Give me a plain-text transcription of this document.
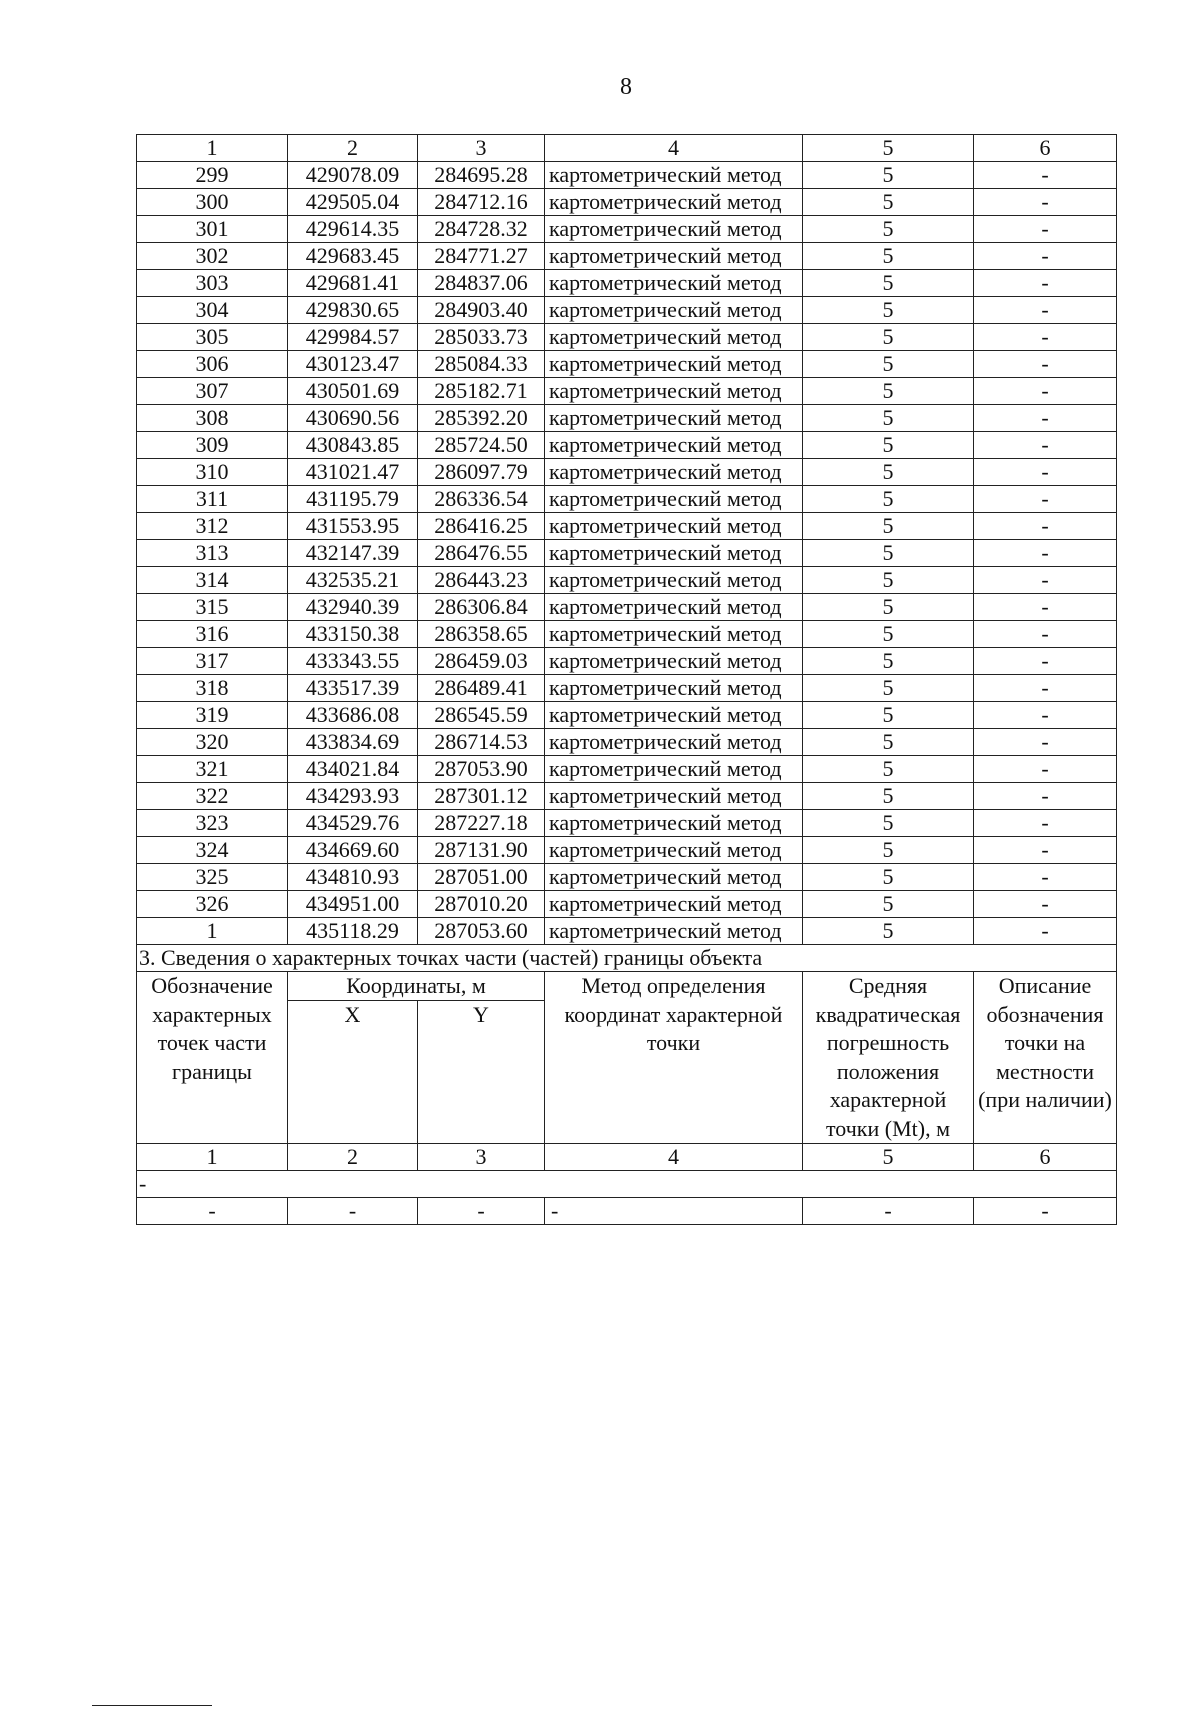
8
1	2	3	4	5	6
299	429078.09	284695.28	картометрический метод	5	-
300	429505.04	284712.16	картометрический метод	5	-
301	429614.35	284728.32	картометрический метод	5	-
302	429683.45	284771.27	картометрический метод	5	-
303	429681.41	284837.06	картометрический метод	5	-
304	429830.65	284903.40	картометрический метод	5	-
305	429984.57	285033.73	картометрический метод	5	-
306	430123.47	285084.33	картометрический метод	5	-
307	430501.69	285182.71	картометрический метод	5	-
308	430690.56	285392.20	картометрический метод	5	-
309	430843.85	285724.50	картометрический метод	5	-
310	431021.47	286097.79	картометрический метод	5	-
311	431195.79	286336.54	картометрический метод	5	-
312	431553.95	286416.25	картометрический метод	5	-
313	432147.39	286476.55	картометрический метод	5	-
314	432535.21	286443.23	картометрический метод	5	-
315	432940.39	286306.84	картометрический метод	5	-
316	433150.38	286358.65	картометрический метод	5	-
317	433343.55	286459.03	картометрический метод	5	-
318	433517.39	286489.41	картометрический метод	5	-
319	433686.08	286545.59	картометрический метод	5	-
320	433834.69	286714.53	картометрический метод	5	-
321	434021.84	287053.90	картометрический метод	5	-
322	434293.93	287301.12	картометрический метод	5	-
323	434529.76	287227.18	картометрический метод	5	-
324	434669.60	287131.90	картометрический метод	5	-
325	434810.93	287051.00	картометрический метод	5	-
326	434951.00	287010.20	картометрический метод	5	-
1	435118.29	287053.60	картометрический метод	5	-
3. Сведения о характерных точках части (частей) границы объекта					
Обозначение характерных точек части границы	Координаты, м		Метод определения координат характерной точки	Средняя квадратическая погрешность положения характерной точки (Mt), м	Описание обозначения точки на местности (при наличии)
	X	Y			
1	2	3	4	5	6
-					
-	-	-	-	-	-
